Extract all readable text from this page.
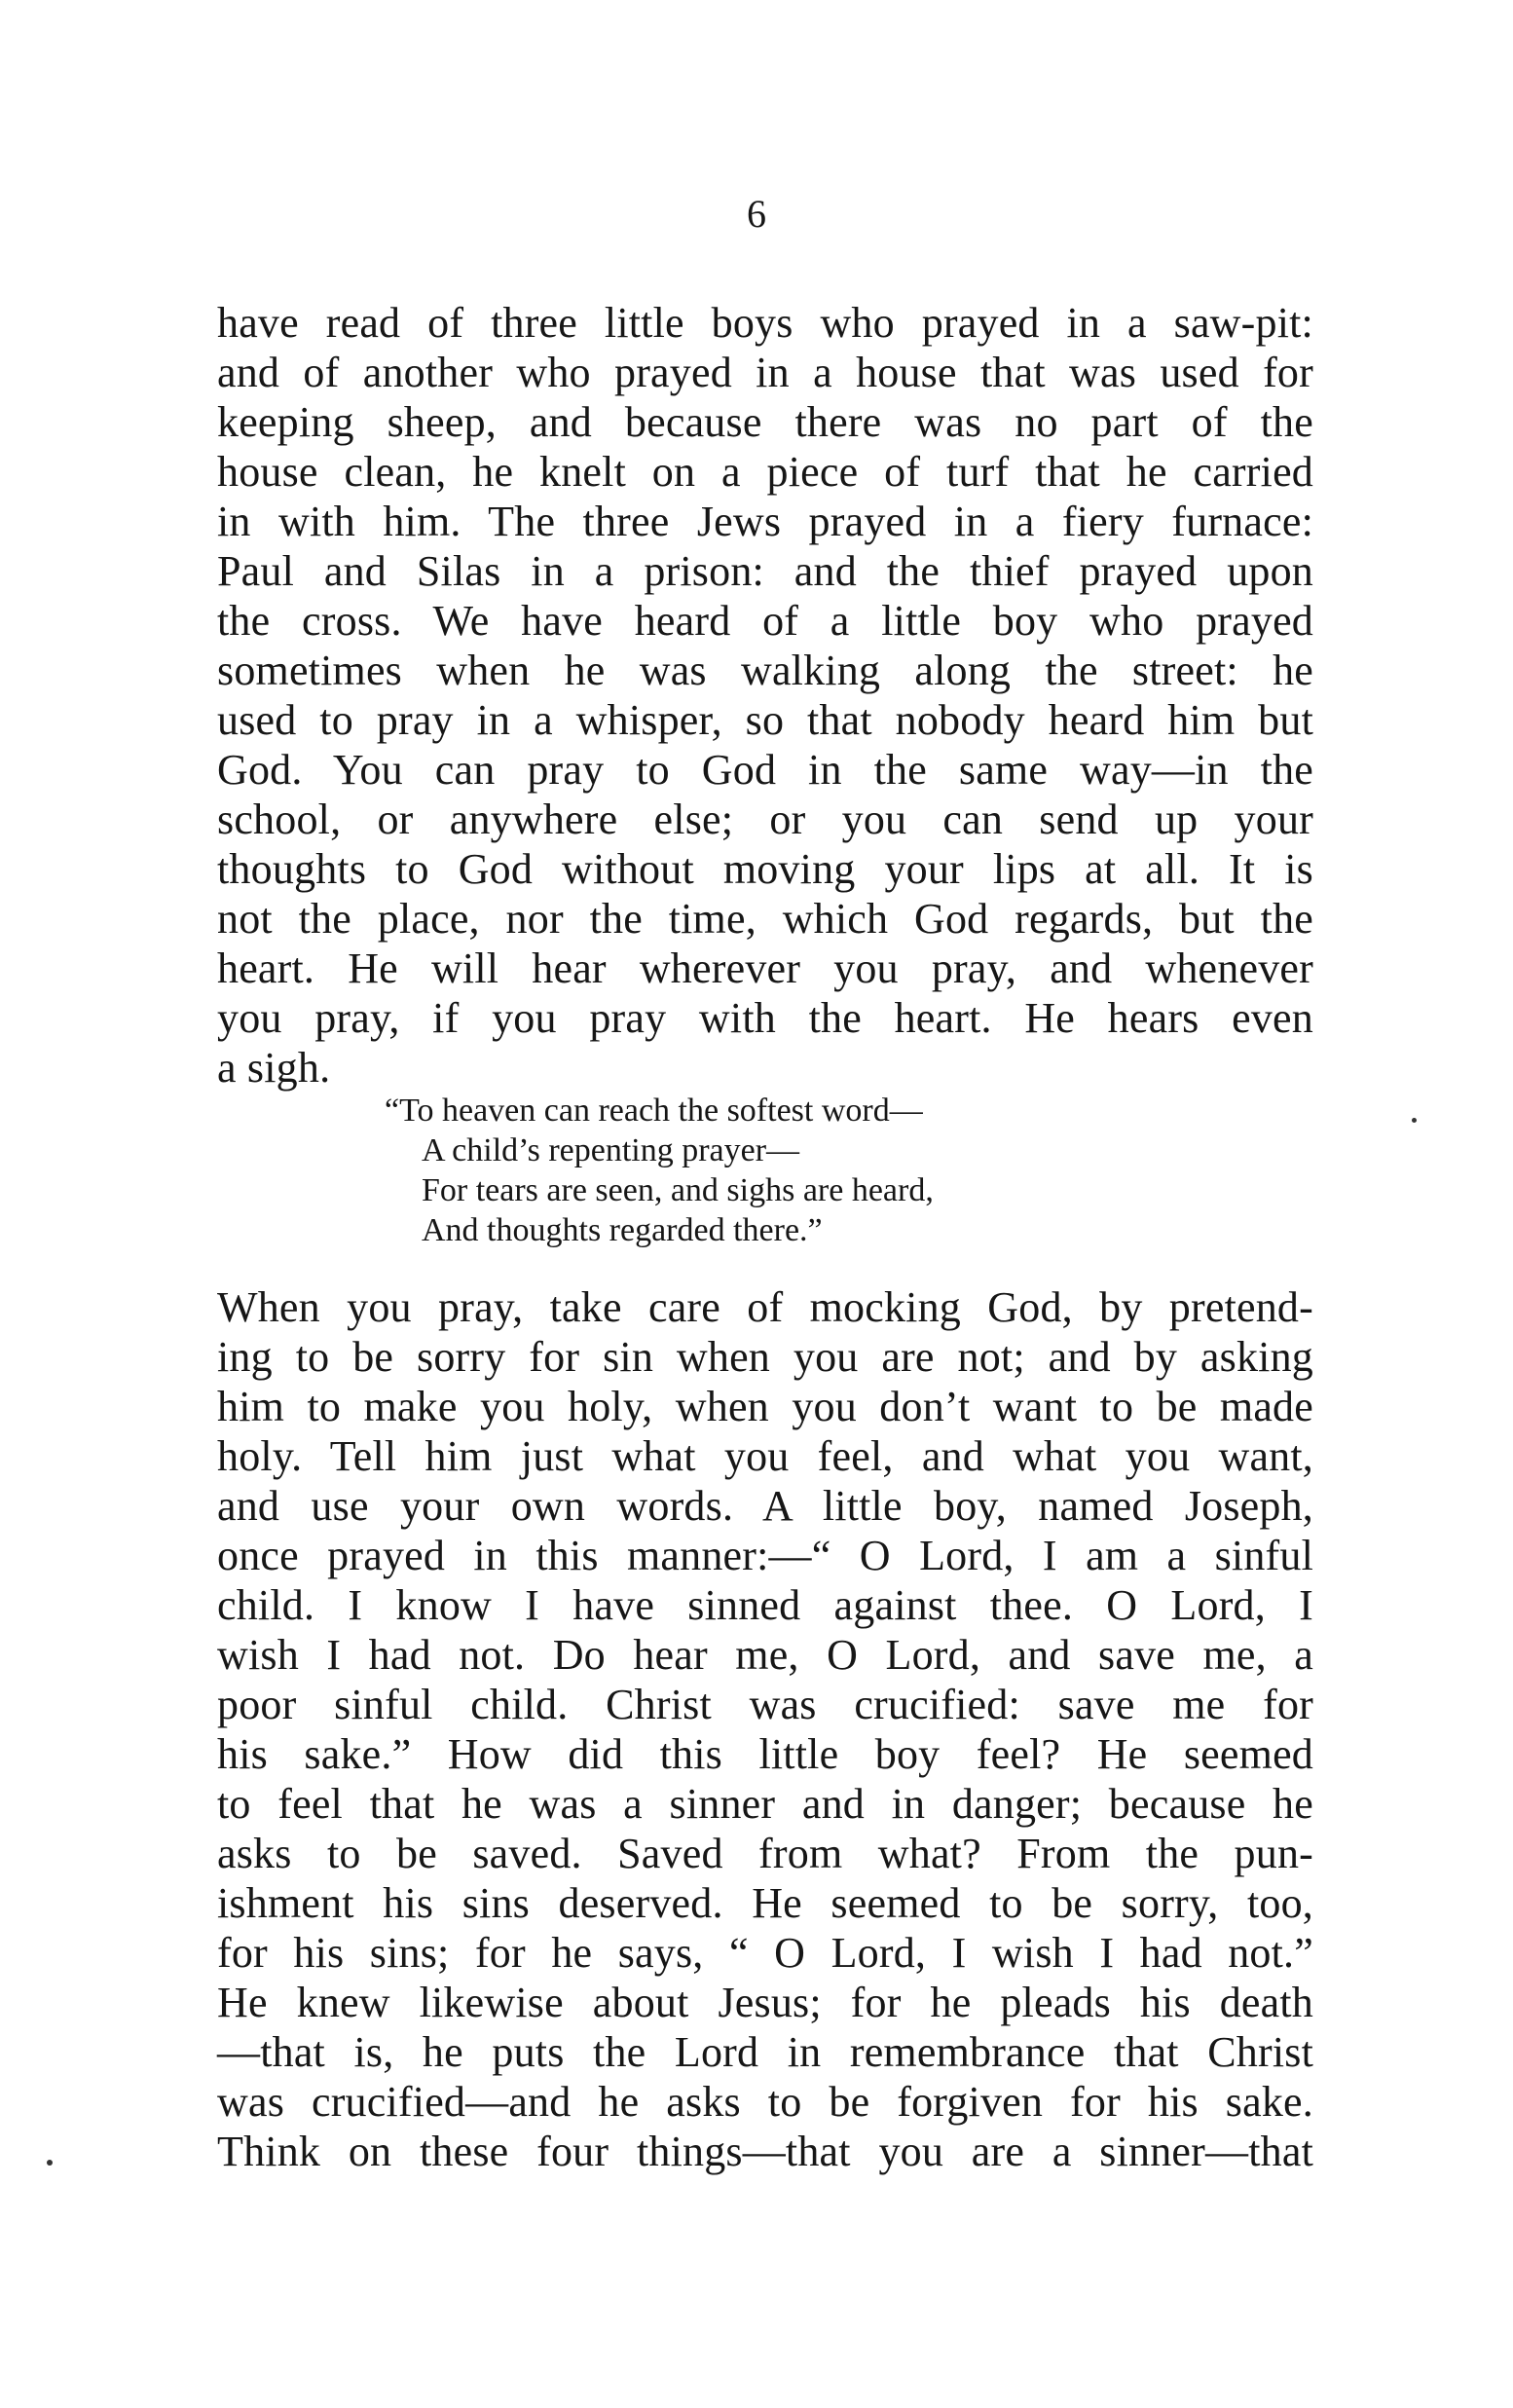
6
have read of three little boys who prayed in a saw-pit:
and of another who prayed in a house that was used for
keeping sheep, and because there was no part of the
house clean, he knelt on a piece of turf that he carried
in with him. The three Jews prayed in a fiery furnace:
Paul and Silas in a prison: and the thief prayed upon
the cross. We have heard of a little boy who prayed
sometimes when he was walking along the street: he
used to pray in a whisper, so that nobody heard him but
God. You can pray to God in the same way—in the
school, or anywhere else; or you can send up your
thoughts to God without moving your lips at all. It is
not the place, nor the time, which God regards, but the
heart. He will hear wherever you pray, and whenever
you pray, if you pray with the heart. He hears even
a sigh.
“To heaven can reach the softest word—
A child’s repenting prayer—
For tears are seen, and sighs are heard,
And thoughts regarded there.”
When you pray, take care of mocking God, by pretend-
ing to be sorry for sin when you are not; and by asking
him to make you holy, when you don’t want to be made
holy. Tell him just what you feel, and what you want,
and use your own words. A little boy, named Joseph,
once prayed in this manner:—“ O Lord, I am a sinful
child. I know I have sinned against thee. O Lord, I
wish I had not. Do hear me, O Lord, and save me, a
poor sinful child. Christ was crucified: save me for
his sake.” How did this little boy feel? He seemed
to feel that he was a sinner and in danger; because he
asks to be saved. Saved from what? From the pun-
ishment his sins deserved. He seemed to be sorry, too,
for his sins; for he says, “ O Lord, I wish I had not.”
He knew likewise about Jesus; for he pleads his death
—that is, he puts the Lord in remembrance that Christ
was crucified—and he asks to be forgiven for his sake.
Think on these four things—that you are a sinner—that
